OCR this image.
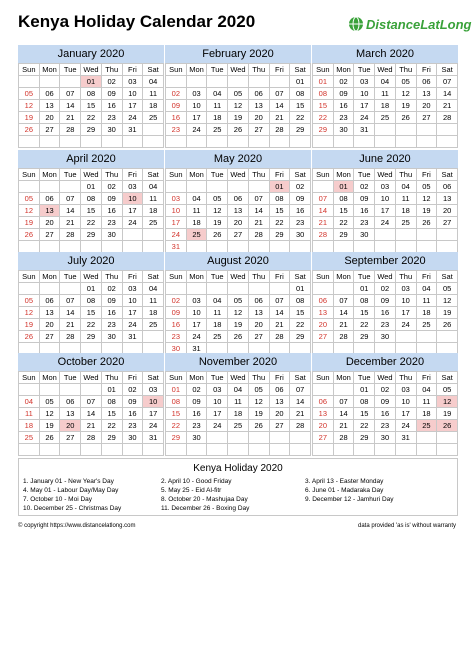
Kenya Holiday Calendar 2020	DistanceLatLong
January 2020
Sun	Mon	Tue	Wed	Thu	Fri	Sat
			01	02	03	04
05	06	07	08	09	10	11
12	13	14	15	16	17	18
19	20	21	22	23	24	25
26	27	28	29	30	31	

February 2020
Sun	Mon	Tue	Wed	Thu	Fri	Sat
						01
02	03	04	05	06	07	08
09	10	11	12	13	14	15
16	17	18	19	20	21	22
23	24	25	26	27	28	29

March 2020
Sun	Mon	Tue	Wed	Thu	Fri	Sat
01	02	03	04	05	06	07
08	09	10	11	12	13	14
15	16	17	18	19	20	21
22	23	24	25	26	27	28
29	30	31				

April 2020
Sun	Mon	Tue	Wed	Thu	Fri	Sat
			01	02	03	04
05	06	07	08	09	10	11
12	13	14	15	16	17	18
19	20	21	22	23	24	25
26	27	28	29	30		

May 2020
Sun	Mon	Tue	Wed	Thu	Fri	Sat
					01	02
03	04	05	06	07	08	09
10	11	12	13	14	15	16
17	18	19	20	21	22	23
24	25	26	27	28	29	30
31						
June 2020
Sun	Mon	Tue	Wed	Thu	Fri	Sat
	01	02	03	04	05	06
07	08	09	10	11	12	13
14	15	16	17	18	19	20
21	22	23	24	25	26	27
28	29	30				

July 2020
Sun	Mon	Tue	Wed	Thu	Fri	Sat
			01	02	03	04
05	06	07	08	09	10	11
12	13	14	15	16	17	18
19	20	21	22	23	24	25
26	27	28	29	30	31	

August 2020
Sun	Mon	Tue	Wed	Thu	Fri	Sat
						01
02	03	04	05	06	07	08
09	10	11	12	13	14	15
16	17	18	19	20	21	22
23	24	25	26	27	28	29
30	31					
September 2020
Sun	Mon	Tue	Wed	Thu	Fri	Sat
		01	02	03	04	05
06	07	08	09	10	11	12
13	14	15	16	17	18	19
20	21	22	23	24	25	26
27	28	29	30			

October 2020
Sun	Mon	Tue	Wed	Thu	Fri	Sat
				01	02	03
04	05	06	07	08	09	10
11	12	13	14	15	16	17
18	19	20	21	22	23	24
25	26	27	28	29	30	31

November 2020
Sun	Mon	Tue	Wed	Thu	Fri	Sat
01	02	03	04	05	06	07
08	09	10	11	12	13	14
15	16	17	18	19	20	21
22	23	24	25	26	27	28
29	30					

December 2020
Sun	Mon	Tue	Wed	Thu	Fri	Sat
		01	02	03	04	05
06	07	08	09	10	11	12
13	14	15	16	17	18	19
20	21	22	23	24	25	26
27	28	29	30	31		

Kenya Holiday 2020
1. January 01 - New Year's Day	2. April 10 - Good Friday	3. April 13 - Easter Monday
4. May 01 - Labour Day/May Day	5. May 25 - Eid Al-fitr	6. June 01 - Madaraka Day
7. October 10 - Moi Day	8. October 20 - Mashujaa Day	9. December 12 - Jamhuri Day
10. December 25 - Christmas Day	11. December 26 - Boxing Day
© copyright https://www.distancelatlong.com	data provided 'as is' without warranty
